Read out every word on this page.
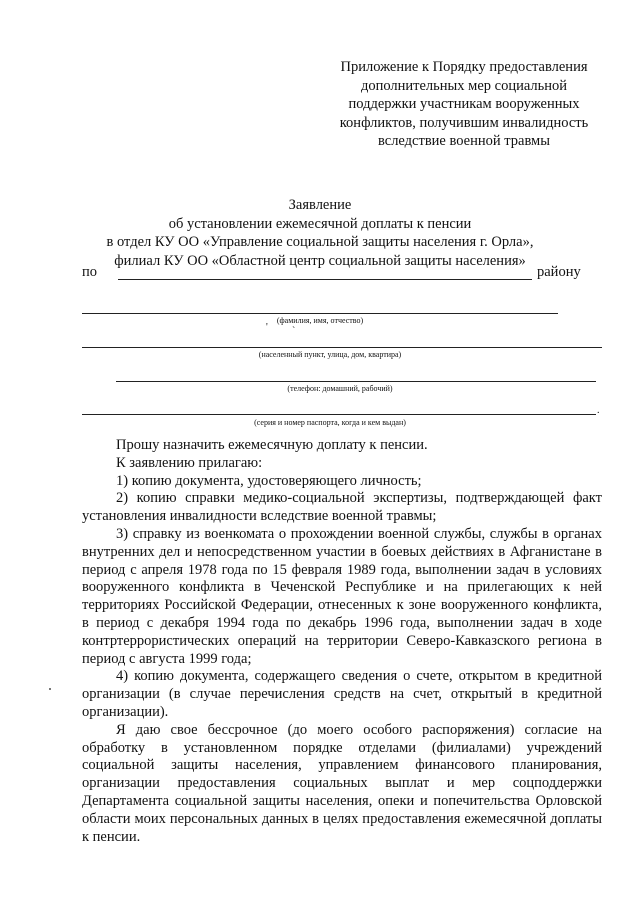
Приложение к Порядку предоставления
дополнительных мер социальной
поддержки участникам вооруженных
конфликтов, получившим инвалидность
вследствие военной травмы
Заявление
об установлении ежемесячной доплаты к пенсии
в отдел КУ ОО «Управление социальной защиты населения г. Орла»,
филиал КУ ОО «Областной центр социальной защиты населения»
по	району
(фамилия, имя, отчество)
' `
(населенный пункт, улица, дом, квартира)
(телефон: домашний, рабочий)
.
(серия и номер паспорта, когда и кем выдан)

Прошу назначить ежемесячную доплату к пенсии.

К заявлению прилагаю:

1) копию документа, удостоверяющего личность;

2) копию справки медико-социальной экспертизы, подтверждающей факт установления инвалидности вследствие военной травмы;

3) справку из военкомата о прохождении военной службы, службы в органах внутренних дел и непосредственном участии в боевых действиях в Афганистане в период с апреля 1978 года по 15 февраля 1989 года, выполнении задач в условиях вооруженного конфликта в Чеченской Республике и на прилегающих к ней территориях Российской Федерации, отнесенных к зоне вооруженного конфликта, в период с декабря 1994 года по декабрь 1996 года, выполнении задач в ходе контртеррористических операций на территории Северо-Кавказского региона в период с августа 1999 года;

4) копию документа, содержащего сведения о счете, открытом в кредитной организации (в случае перечисления средств на счет, открытый в кредитной организации).

Я даю свое бессрочное (до моего особого распоряжения) согласие на обработку в установленном порядке отделами (филиалами) учреждений социальной защиты населения, управлением финансового планирования, организации предоставления социальных выплат и мер соцподдержки Департамента социальной защиты населения, опеки и попечительства Орловской области моих персональных данных в целях предоставления ежемесячной доплаты к пенсии.
